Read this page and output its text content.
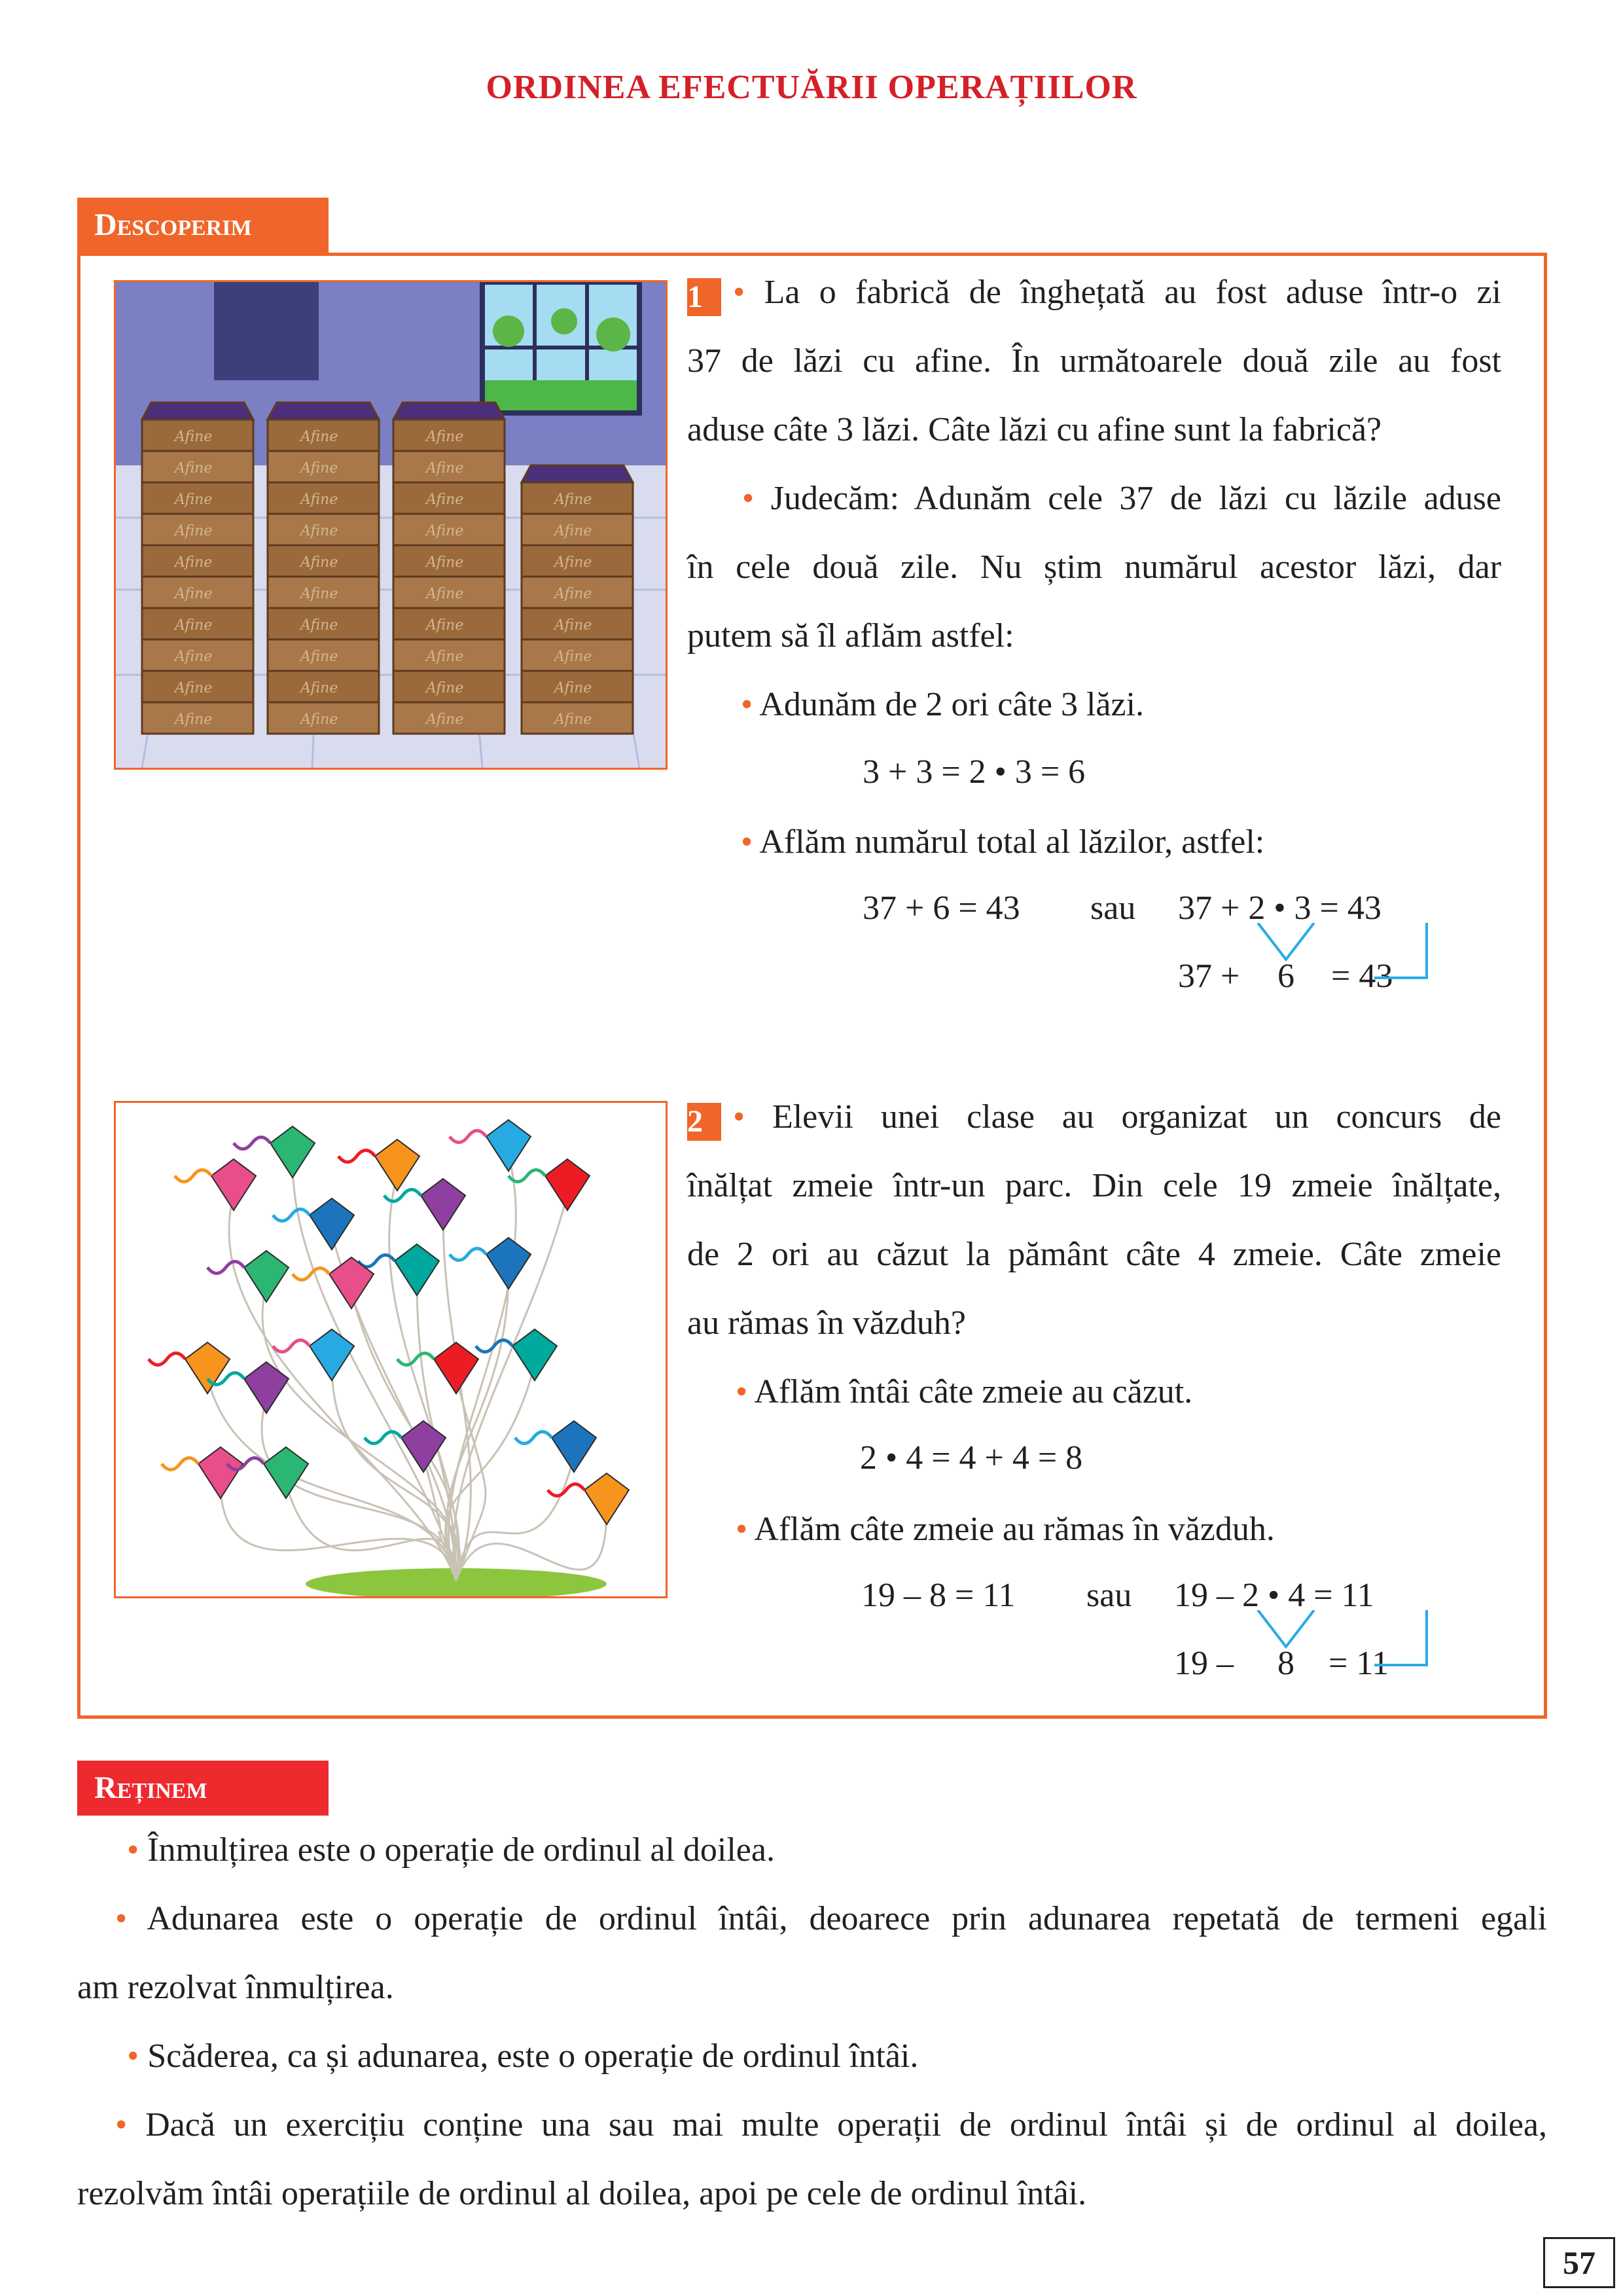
ORDINEA EFECTUĂRII OPERAȚIILOR
Descoperim
Afine
Afine
Afine
Afine
Afine
Afine
Afine
Afine
Afine
Afine
Afine
Afine
Afine
Afine
Afine
Afine
Afine
Afine
Afine
Afine
Afine
Afine
Afine
Afine
Afine
Afine
Afine
Afine
Afine
Afine
Afine
Afine
Afine
Afine
Afine
Afine
Afine
Afine
1 • La o fabrică de înghețată au fost aduse într-o zi
37 de lăzi cu afine. În următoarele două zile au fost
aduse câte 3 lăzi. Câte lăzi cu afine sunt la fabrică?
• Judecăm: Adunăm cele 37 de lăzi cu lăzile aduse
în cele două zile. Nu știm numărul acestor lăzi, dar
putem să îl aflăm astfel:
• Adunăm de 2 ori câte 3 lăzi.
3 + 3 = 2 • 3 = 6
• Aflăm numărul total al lăzilor, astfel:
37 + 6 = 43 sau 37 + 2 • 3 = 43
37 + 6 = 43
2 • Elevii unei clase au organizat un concurs de
înălțat zmeie într-un parc. Din cele 19 zmeie înălțate,
de 2 ori au căzut la pământ câte 4 zmeie. Câte zmeie
au rămas în văzduh?
• Aflăm întâi câte zmeie au căzut.
2 • 4 = 4 + 4 = 8
• Aflăm câte zmeie au rămas în văzduh.
19 – 8 = 11 sau 19 – 2 • 4 = 11
19 – 8 = 11
Reținem
• Înmulțirea este o operație de ordinul al doilea.
• Adunarea este o operație de ordinul întâi, deoarece prin adunarea repetată de termeni egali
am rezolvat înmulțirea.
• Scăderea, ca și adunarea, este o operație de ordinul întâi.
• Dacă un exercițiu conține una sau mai multe operații de ordinul întâi și de ordinul al doilea,
rezolvăm întâi operațiile de ordinul al doilea, apoi pe cele de ordinul întâi.
57
